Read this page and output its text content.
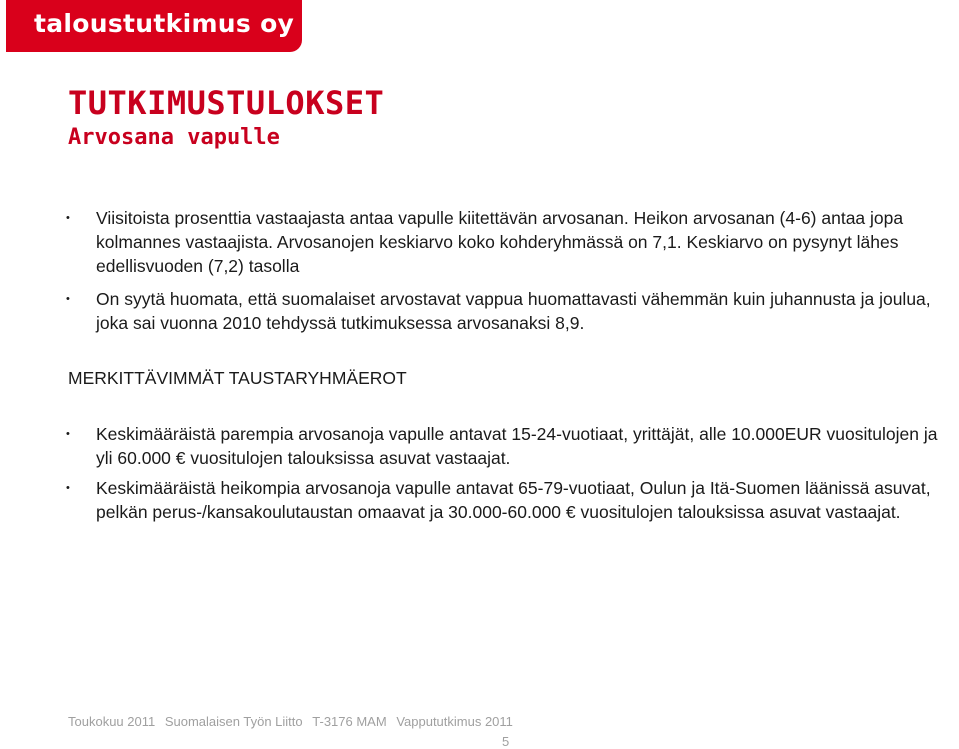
taloustutkimus oy
TUTKIMUSTULOKSET
Arvosana vapulle
• Viisitoista prosenttia vastaajasta antaa vapulle kiitettävän arvosanan. Heikon arvosanan (4-6) antaa jopa kolmannes vastaajista. Arvosanojen keskiarvo koko kohderyhmässä on 7,1. Keskiarvo on pysynyt lähes edellisvuoden (7,2) tasolla
• On syytä huomata, että suomalaiset arvostavat vappua huomattavasti vähemmän kuin juhannusta ja joulua, joka sai vuonna 2010 tehdyssä tutkimuksessa arvosanaksi 8,9.
MERKITTÄVIMMÄT TAUSTARYHMÄEROT
• Keskimääräistä parempia arvosanoja vapulle antavat 15-24-vuotiaat, yrittäjät, alle 10.000EUR vuositulojen ja yli 60.000 € vuositulojen talouksissa asuvat vastaajat.
• Keskimääräistä heikompia arvosanoja vapulle antavat 65-79-vuotiaat, Oulun ja Itä-Suomen läänissä asuvat, pelkän perus-/kansakoulutaustan omaavat ja 30.000-60.000 € vuositulojen talouksissa asuvat vastaajat.
Toukokuu 2011 Suomalaisen Työn Liitto T-3176 MAM Vappututkimus 2011
5
